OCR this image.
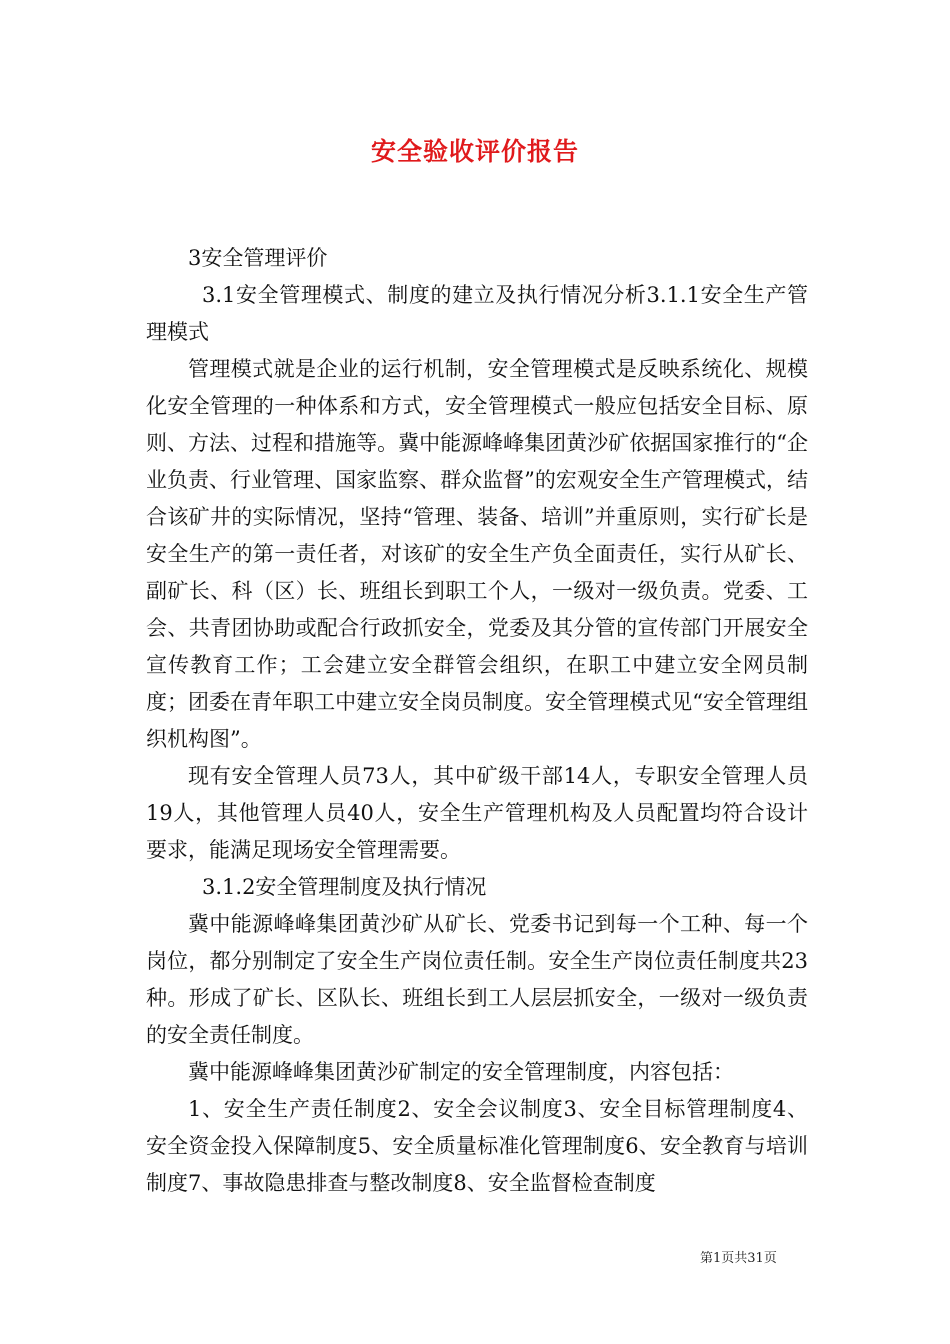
安全验收评价报告

3安全管理评价

3.1安全管理模式、制度的建立及执行情况分析3.1.1安全生产管理模式

管理模式就是企业的运行机制，安全管理模式是反映系统化、规模化安全管理的一种体系和方式，安全管理模式一般应包括安全目标、原则、方法、过程和措施等。冀中能源峰峰集团黄沙矿依据国家推行的“企业负责、行业管理、国家监察、群众监督”的宏观安全生产管理模式，结合该矿井的实际情况，坚持“管理、装备、培训”并重原则，实行矿长是安全生产的第一责任者，对该矿的安全生产负全面责任，实行从矿长、副矿长、科（区）长、班组长到职工个人，一级对一级负责。党委、工会、共青团协助或配合行政抓安全，党委及其分管的宣传部门开展安全宣传教育工作；工会建立安全群管会组织，在职工中建立安全网员制度；团委在青年职工中建立安全岗员制度。安全管理模式见“安全管理组织机构图”。

现有安全管理人员73人，其中矿级干部14人，专职安全管理人员19人，其他管理人员40人，安全生产管理机构及人员配置均符合设计要求，能满足现场安全管理需要。

3.1.2安全管理制度及执行情况

冀中能源峰峰集团黄沙矿从矿长、党委书记到每一个工种、每一个岗位，都分别制定了安全生产岗位责任制。安全生产岗位责任制度共23种。形成了矿长、区队长、班组长到工人层层抓安全，一级对一级负责的安全责任制度。

冀中能源峰峰集团黄沙矿制定的安全管理制度，内容包括：

1、安全生产责任制度2、安全会议制度3、安全目标管理制度4、安全资金投入保障制度5、安全质量标准化管理制度6、安全教育与培训制度7、事故隐患排查与整改制度8、安全监督检查制度

第1页共31页
